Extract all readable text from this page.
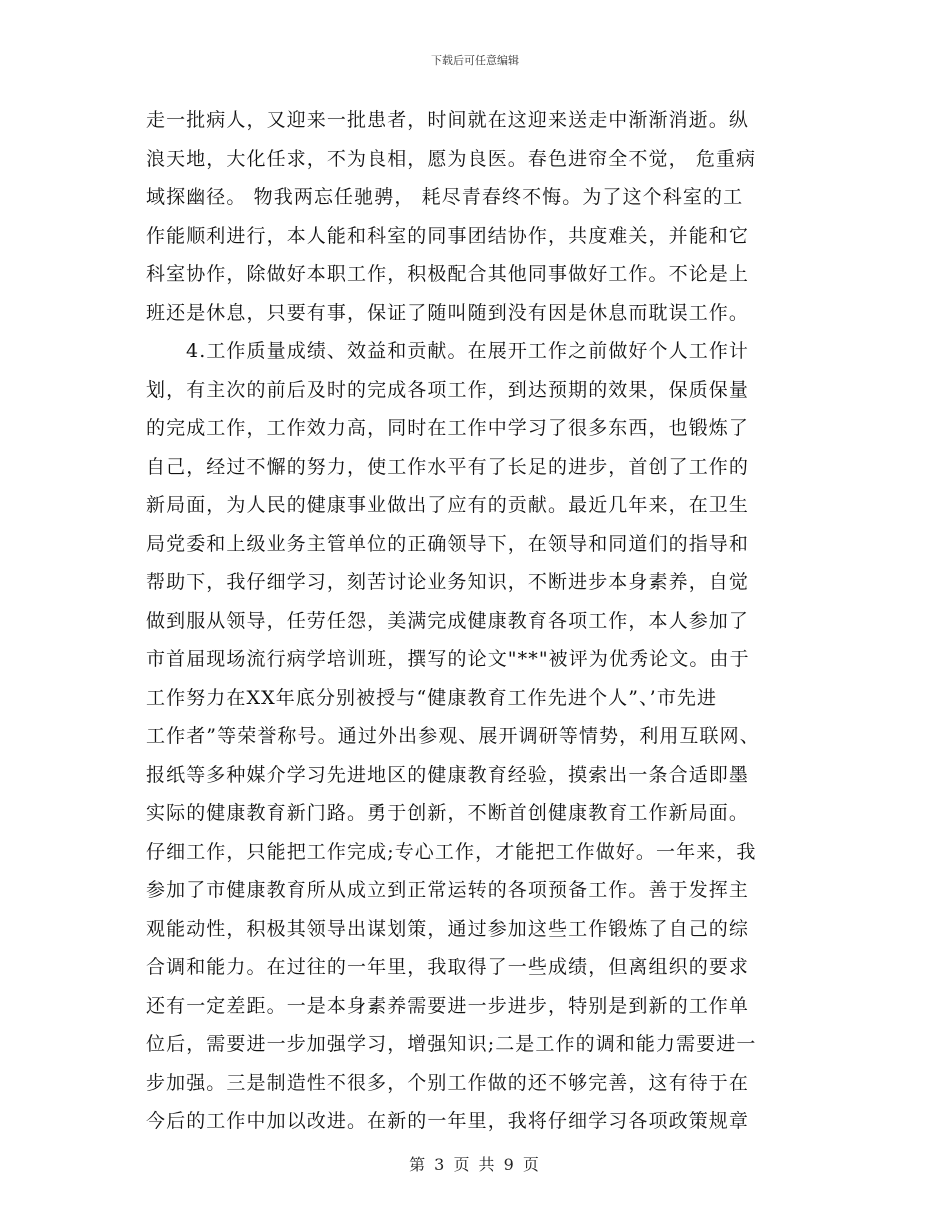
下载后可任意编辑
走一批病人，又迎来一批患者，时间就在这迎来送走中渐渐消逝。纵
浪天地，大化任求，不为良相，愿为良医。春色进帘全不觉， 危重病
域探幽径。 物我两忘任驰骋， 耗尽青春终不悔。为了这个科室的工
作能顺利进行，本人能和科室的同事团结协作，共度难关，并能和它
科室协作，除做好本职工作，积极配合其他同事做好工作。不论是上
班还是休息，只要有事，保证了随叫随到没有因是休息而耽误工作。
4.工作质量成绩、效益和贡献。在展开工作之前做好个人工作计
划，有主次的前后及时的完成各项工作，到达预期的效果，保质保量
的完成工作，工作效力高，同时在工作中学习了很多东西，也锻炼了
自己，经过不懈的努力，使工作水平有了长足的进步，首创了工作的
新局面，为人民的健康事业做出了应有的贡献。最近几年来，在卫生
局党委和上级业务主管单位的正确领导下，在领导和同道们的指导和
帮助下，我仔细学习，刻苦讨论业务知识，不断进步本身素养，自觉
做到服从领导，任劳任怨，美满完成健康教育各项工作，本人参加了
市首届现场流行病学培训班，撰写的论文"**"被评为优秀论文。由于
工作努力在XX年底分别被授与“健康教育工作先进个人”、’市先进
工作者”等荣誉称号。通过外出参观、展开调研等情势，利用互联网、
报纸等多种媒介学习先进地区的健康教育经验，摸索出一条合适即墨
实际的健康教育新门路。勇于创新，不断首创健康教育工作新局面。
仔细工作，只能把工作完成;专心工作，才能把工作做好。一年来，我
参加了市健康教育所从成立到正常运转的各项预备工作。善于发挥主
观能动性，积极其领导出谋划策，通过参加这些工作锻炼了自己的综
合调和能力。在过往的一年里，我取得了一些成绩，但离组织的要求
还有一定差距。一是本身素养需要进一步进步，特别是到新的工作单
位后，需要进一步加强学习，增强知识;二是工作的调和能力需要进一
步加强。三是制造性不很多，个别工作做的还不够完善，这有待于在
今后的工作中加以改进。在新的一年里，我将仔细学习各项政策规章
第 3 页 共 9 页
